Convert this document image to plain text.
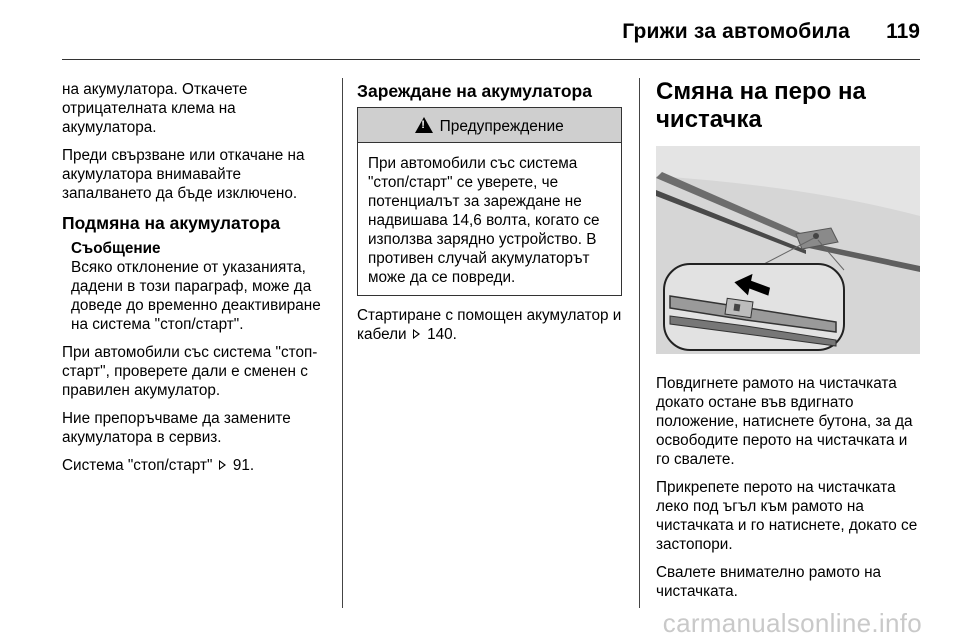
Грижи за автомобила 119

на акумулатора. Откачете отрицателната клема на акумулатора.

Преди свързване или откачане на акумулатора внимавайте запалването да бъде изключено.

Подмяна на акумулатора
Съобщение
Всяко отклонение от указанията, дадени в този параграф, може да доведе до временно деактивиране на система "стоп/старт".

При автомобили със система "стоп-старт", проверете дали е сменен с правилен акумулатор.

Ние препоръчваме да замените акумулатора в сервиз.

Система "стоп/старт" 91.

Зареждане на акумулатора
! Предупреждение
При автомобили със система "стоп/старт" се уверете, че потенциалът за зареждане не надвишава 14,6 волта, когато се използва зарядно устройство. В противен случай акумулаторът може да се повреди.

Стартиране с помощен акумулатор и кабели 140.

Смяна на перо на чистачка

Повдигнете рамото на чистачката докато остане във вдигнато положение, натиснете бутона, за да освободите перото на чистачката и го свалете.

Прикрепете перото на чистачката леко под ъгъл към рамото на чистачката и го натиснете, докато се застопори.

Свалете внимателно рамото на чистачката.

carmanualsonline.info
